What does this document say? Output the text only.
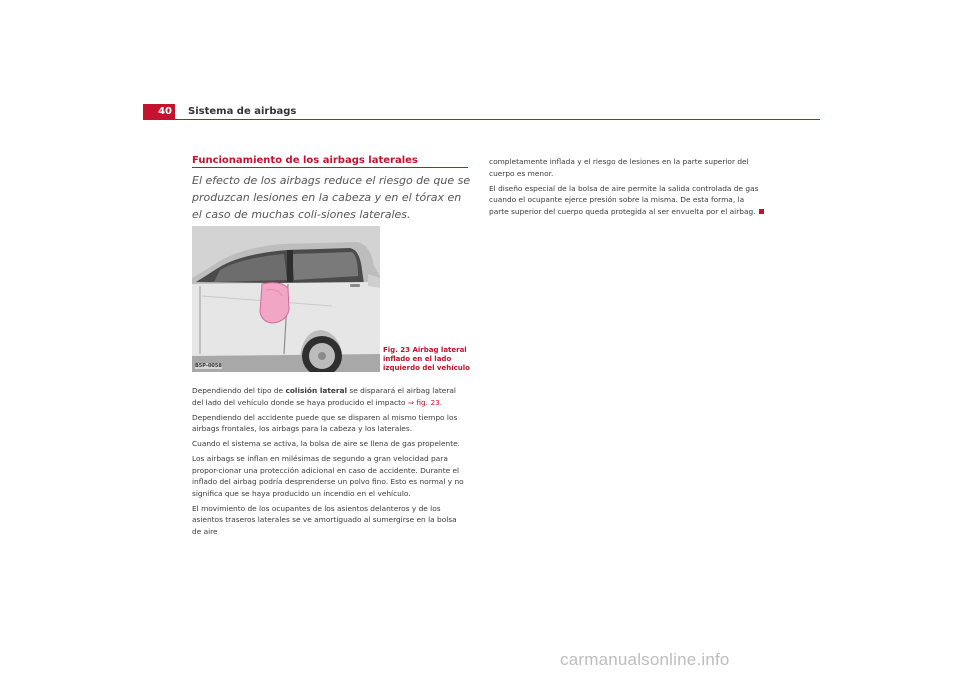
40	Sistema de airbags
Funcionamiento de los airbags laterales
El efecto de los airbags reduce el riesgo de que se produzcan lesiones en la cabeza y en el tórax en el caso de muchas coli-siones laterales.
B5P-0058
Fig. 23 Airbag lateral inflado en el lado izquierdo del vehículo

Dependiendo del tipo de colisión lateral se disparará el airbag lateral del lado del vehículo donde se haya producido el impacto ⇒ fig. 23.

Dependiendo del accidente puede que se disparen al mismo tiempo los airbags frontales, los airbags para la cabeza y los laterales.

Cuando el sistema se activa, la bolsa de aire se llena de gas propelente.

Los airbags se inflan en milésimas de segundo a gran velocidad para propor-cionar una protección adicional en caso de accidente. Durante el inflado del airbag podría desprenderse un polvo fino. Esto es normal y no significa que se haya producido un incendio en el vehículo.

El movimiento de los ocupantes de los asientos delanteros y de los asientos traseros laterales se ve amortiguado al sumergirse en la bolsa de aire

completamente inflada y el riesgo de lesiones en la parte superior del cuerpo es menor.

El diseño especial de la bolsa de aire permite la salida controlada de gas cuando el ocupante ejerce presión sobre la misma. De esta forma, la parte superior del cuerpo queda protegida al ser envuelta por el airbag.

carmanualsonline.info
